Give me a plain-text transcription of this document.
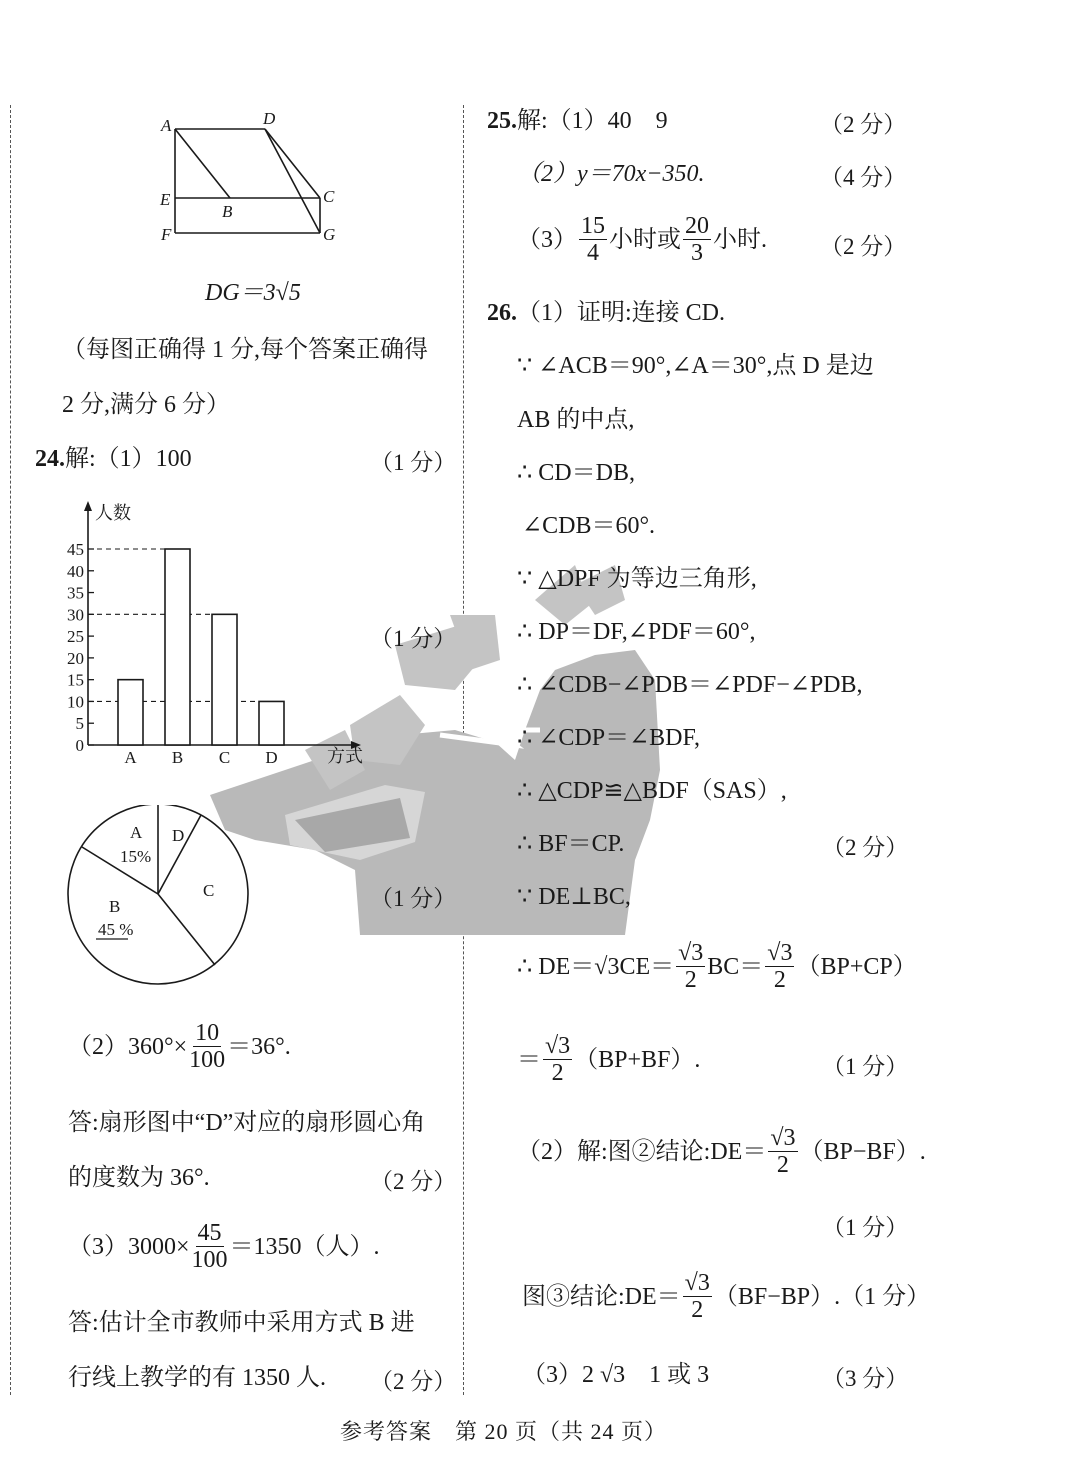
A	D
E
B
C
F	G
DG＝3√5
（每图正确得 1 分,每个答案正确得
2 分,满分 6 分）
24.解:（1）100	（1 分）
人数
方式
0
5
10
15
20
25
30
35
40
45
A B C D
（1 分）
A
15%
D
C
B
45 %
（1 分）
$(2)360^\circ\times \frac{10}{100} =36^\circ$.
答:扇形图中“D”对应的扇形圆心角
的度数为 36°.	（2 分）
$(3)3000\times \frac{45}{100} =1350$（人）.
答:估计全市教师中采用方式 B 进
行线上教学的有 1350 人. （2 分）
25.解:（1）40　9	（2 分）
（2）y＝70x−350.	（4 分）
$(3) \frac{15}{4}$ 小时或 $\frac{20}{3}$ 小时. （2 分）
26.（1）证明:连接 CD.
∵ ∠ACB＝90°,∠A＝30°,点 D 是边
AB 的中点,
∴ CD＝DB,
∠CDB＝60°.
∵ △DPF 为等边三角形,
∴ DP＝DF,∠PDF＝60°,
∴ ∠CDB−∠PDB＝∠PDF−∠PDB,
∴ ∠CDP＝∠BDF,
∴ △CDP≌△BDF（SAS）,
∴ BF＝CP.	（2 分）
∵ DE⊥BC,
∴ DE＝ √3 $CE= \frac{√3}{2} BC= \frac{√3}{2} (BP+CP)$
＝ $\frac{√3}{2} (BP+BF)$.	（1 分）
（2）解:图②结论:DE＝ $\frac{√3}{2} (BP-BF)$.
（1 分）
图③结论:DE＝ $\frac{√3}{2} (BF-BP).(1$ 分）
（3）2 √3　1 或 3	（3 分）
参考答案　第 20 页（共 24 页）
